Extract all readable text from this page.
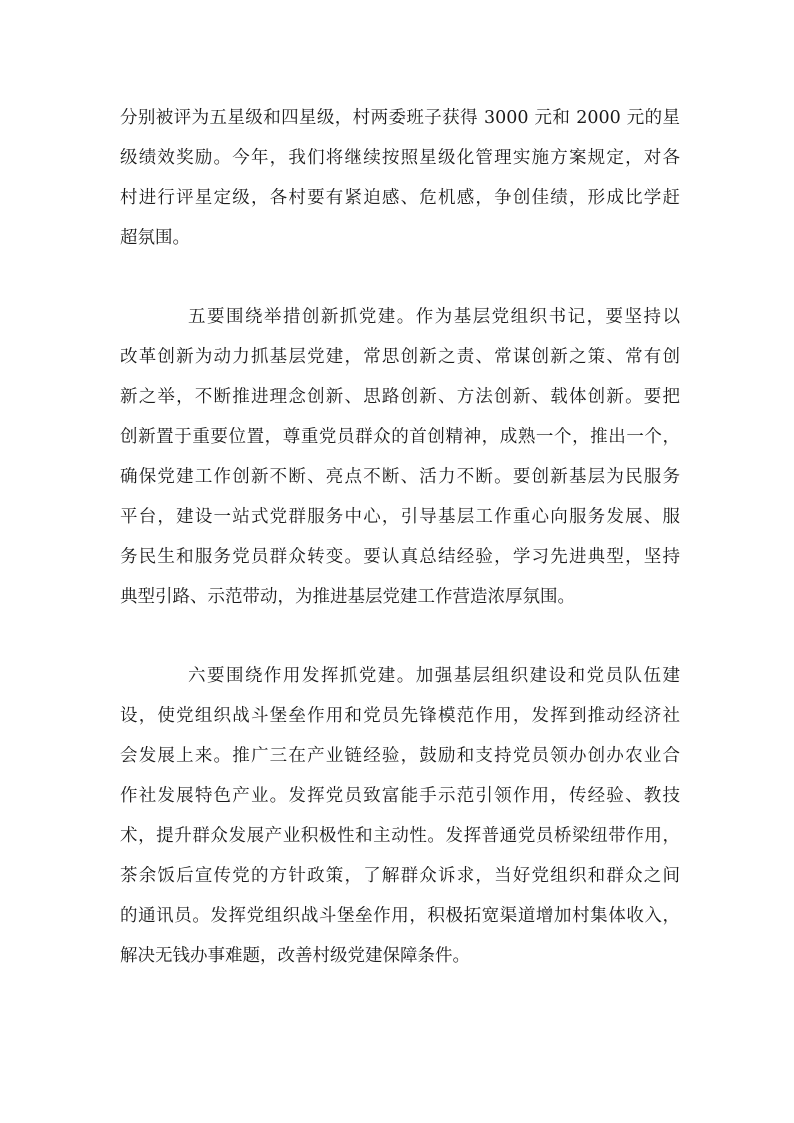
分别被评为五星级和四星级，村两委班子获得 3000 元和 2000 元的星
级绩效奖励。今年，我们将继续按照星级化管理实施方案规定，对各
村进行评星定级，各村要有紧迫感、危机感，争创佳绩，形成比学赶
超氛围。
五要围绕举措创新抓党建。作为基层党组织书记，要坚持以
改革创新为动力抓基层党建，常思创新之责、常谋创新之策、常有创
新之举，不断推进理念创新、思路创新、方法创新、载体创新。要把
创新置于重要位置，尊重党员群众的首创精神，成熟一个，推出一个，
确保党建工作创新不断、亮点不断、活力不断。要创新基层为民服务
平台，建设一站式党群服务中心，引导基层工作重心向服务发展、服
务民生和服务党员群众转变。要认真总结经验，学习先进典型，坚持
典型引路、示范带动，为推进基层党建工作营造浓厚氛围。
六要围绕作用发挥抓党建。加强基层组织建设和党员队伍建
设，使党组织战斗堡垒作用和党员先锋模范作用，发挥到推动经济社
会发展上来。推广三在产业链经验，鼓励和支持党员领办创办农业合
作社发展特色产业。发挥党员致富能手示范引领作用，传经验、教技
术，提升群众发展产业积极性和主动性。发挥普通党员桥梁纽带作用，
茶余饭后宣传党的方针政策，了解群众诉求，当好党组织和群众之间
的通讯员。发挥党组织战斗堡垒作用，积极拓宽渠道增加村集体收入，
解决无钱办事难题，改善村级党建保障条件。
